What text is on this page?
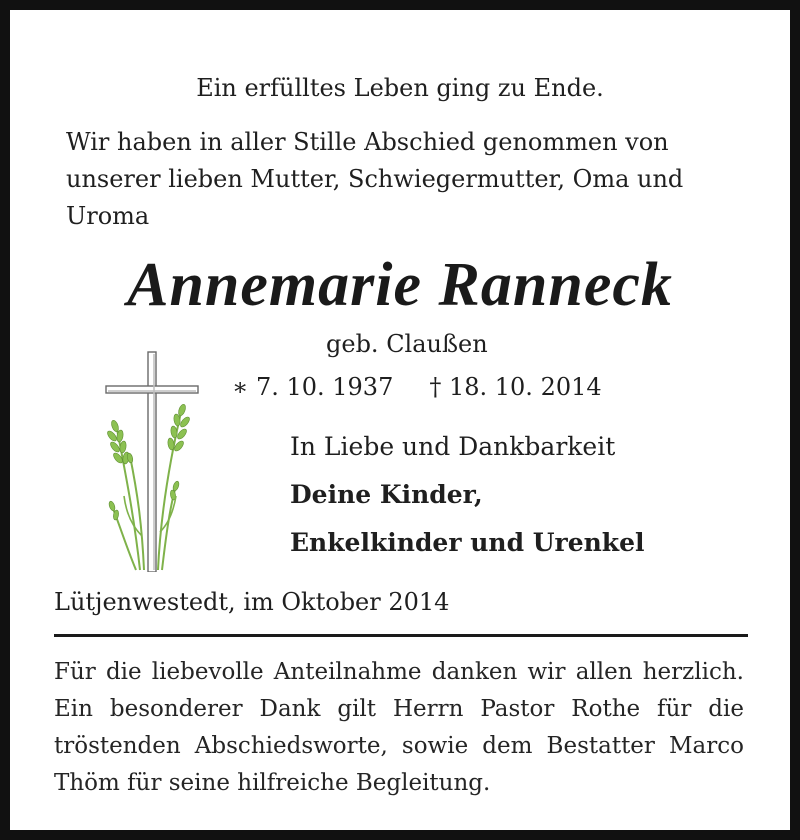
Ein erfülltes Leben ging zu Ende.
Wir haben in aller Stille Abschied genommen von unserer lieben Mutter, Schwiegermutter, Oma und Uroma
Annemarie Ranneck
geb. Claußen
∗ 7. 10. 1937 † 18. 10. 2014
In Liebe und Dankbarkeit
Deine Kinder,
Enkelkinder und Urenkel
Lütjenwestedt, im Oktober 2014
Für die liebevolle Anteilnahme danken wir allen herzlich. Ein besonderer Dank gilt Herrn Pastor Rothe für die tröstenden Abschiedsworte, sowie dem Bestatter Marco Thöm für seine hilfreiche Begleitung.
